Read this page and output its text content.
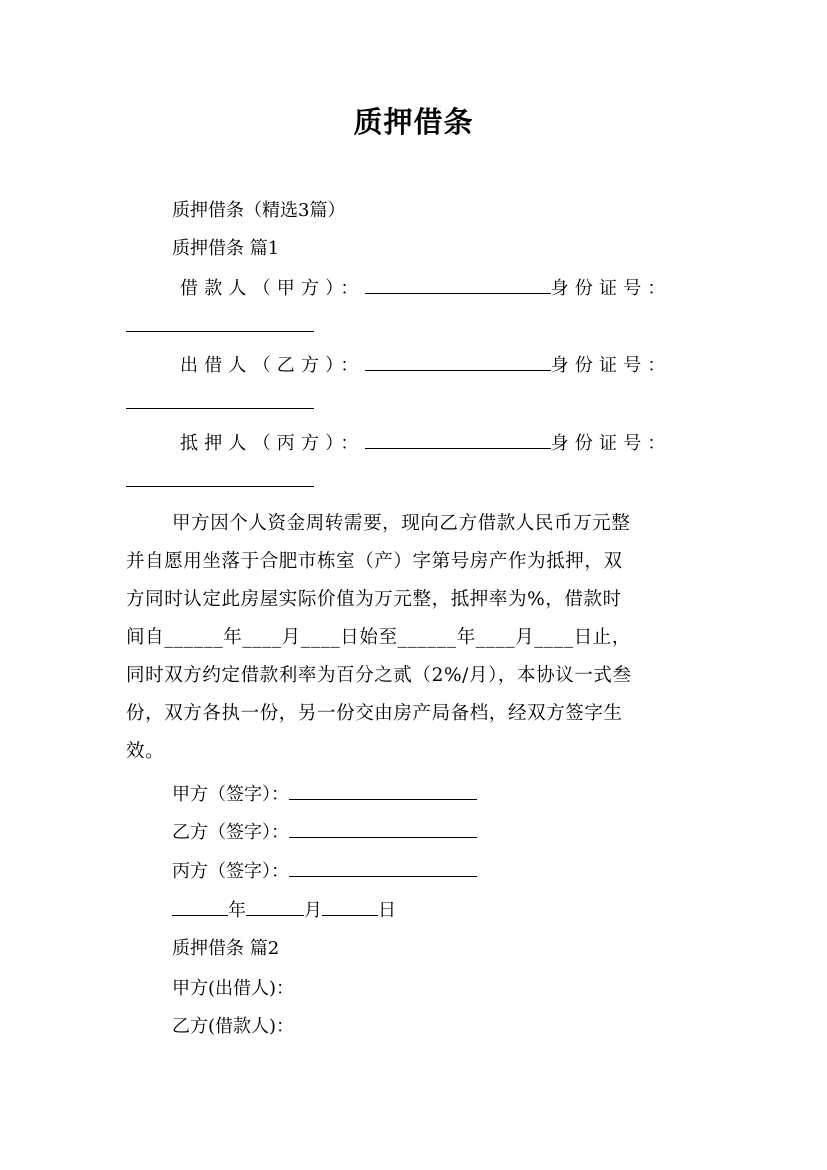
质押借条
质押借条（精选3篇）
质押借条 篇1
借款人（甲方）：	身份证号：
出借人（乙方）：	身份证号：
抵押人（丙方）：	身份证号：
甲方因个人资金周转需要，现向乙方借款人民币万元整
并自愿用坐落于合肥市栋室（产）字第号房产作为抵押，双
方同时认定此房屋实际价值为万元整，抵押率为%，借款时
间自______年____月____日始至______年____月____日止，
同时双方约定借款利率为百分之贰（2%/月），本协议一式叁
份，双方各执一份，另一份交由房产局备档，经双方签字生
效。
甲方（签字）：
乙方（签字）：
丙方（签字）：
年	月	日
质押借条 篇2
甲方(出借人)：
乙方(借款人)：
